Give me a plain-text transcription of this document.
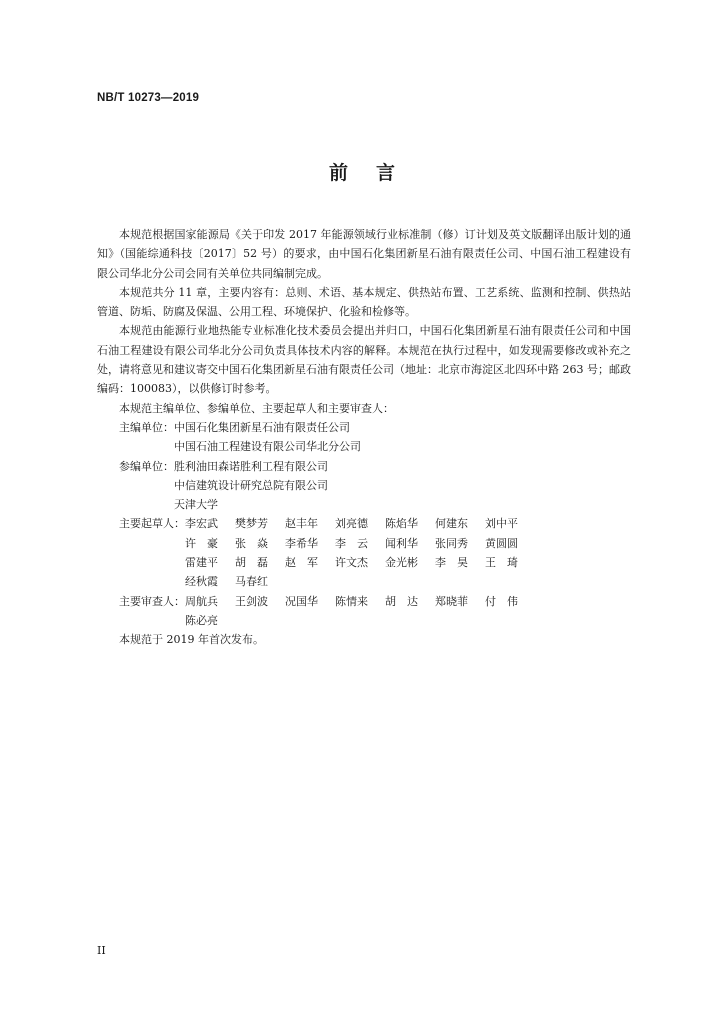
NB/T 10273—2019
前言

本规范根据国家能源局《关于印发 2017 年能源领域行业标准制（修）订计划及英文版翻译出版计划的通知》（国能综通科技〔2017〕52 号）的要求，由中国石化集团新星石油有限责任公司、中国石油工程建设有限公司华北分公司会同有关单位共同编制完成。

本规范共分 11 章，主要内容有：总则、术语、基本规定、供热站布置、工艺系统、监测和控制、供热站管道、防垢、防腐及保温、公用工程、环境保护、化验和检修等。

本规范由能源行业地热能专业标准化技术委员会提出并归口，中国石化集团新星石油有限责任公司和中国石油工程建设有限公司华北分公司负责具体技术内容的解释。本规范在执行过程中，如发现需要修改或补充之处，请将意见和建议寄交中国石化集团新星石油有限责任公司（地址：北京市海淀区北四环中路 263 号；邮政编码：100083），以供修订时参考。

本规范主编单位、参编单位、主要起草人和主要审查人：

主编单位： 中国石化集团新星石油有限责任公司
中国石油工程建设有限公司华北分公司
参编单位： 胜利油田森诺胜利工程有限公司
中信建筑设计研究总院有限公司
天津大学
主要起草人： 李宏武	樊梦芳	赵丰年	刘亮德	陈焰华	何建东	刘中平
许　豪	张　焱	李希华	李　云	闻利华	张同秀	黄圆圆
雷建平	胡　磊	赵　军	许文杰	金光彬	李　昊	王　琦
经秋霞	马春红
主要审查人： 周航兵	王剑波	况国华	陈情来	胡　达	郑晓菲	付　伟
陈必亮

本规范于 2019 年首次发布。

II
